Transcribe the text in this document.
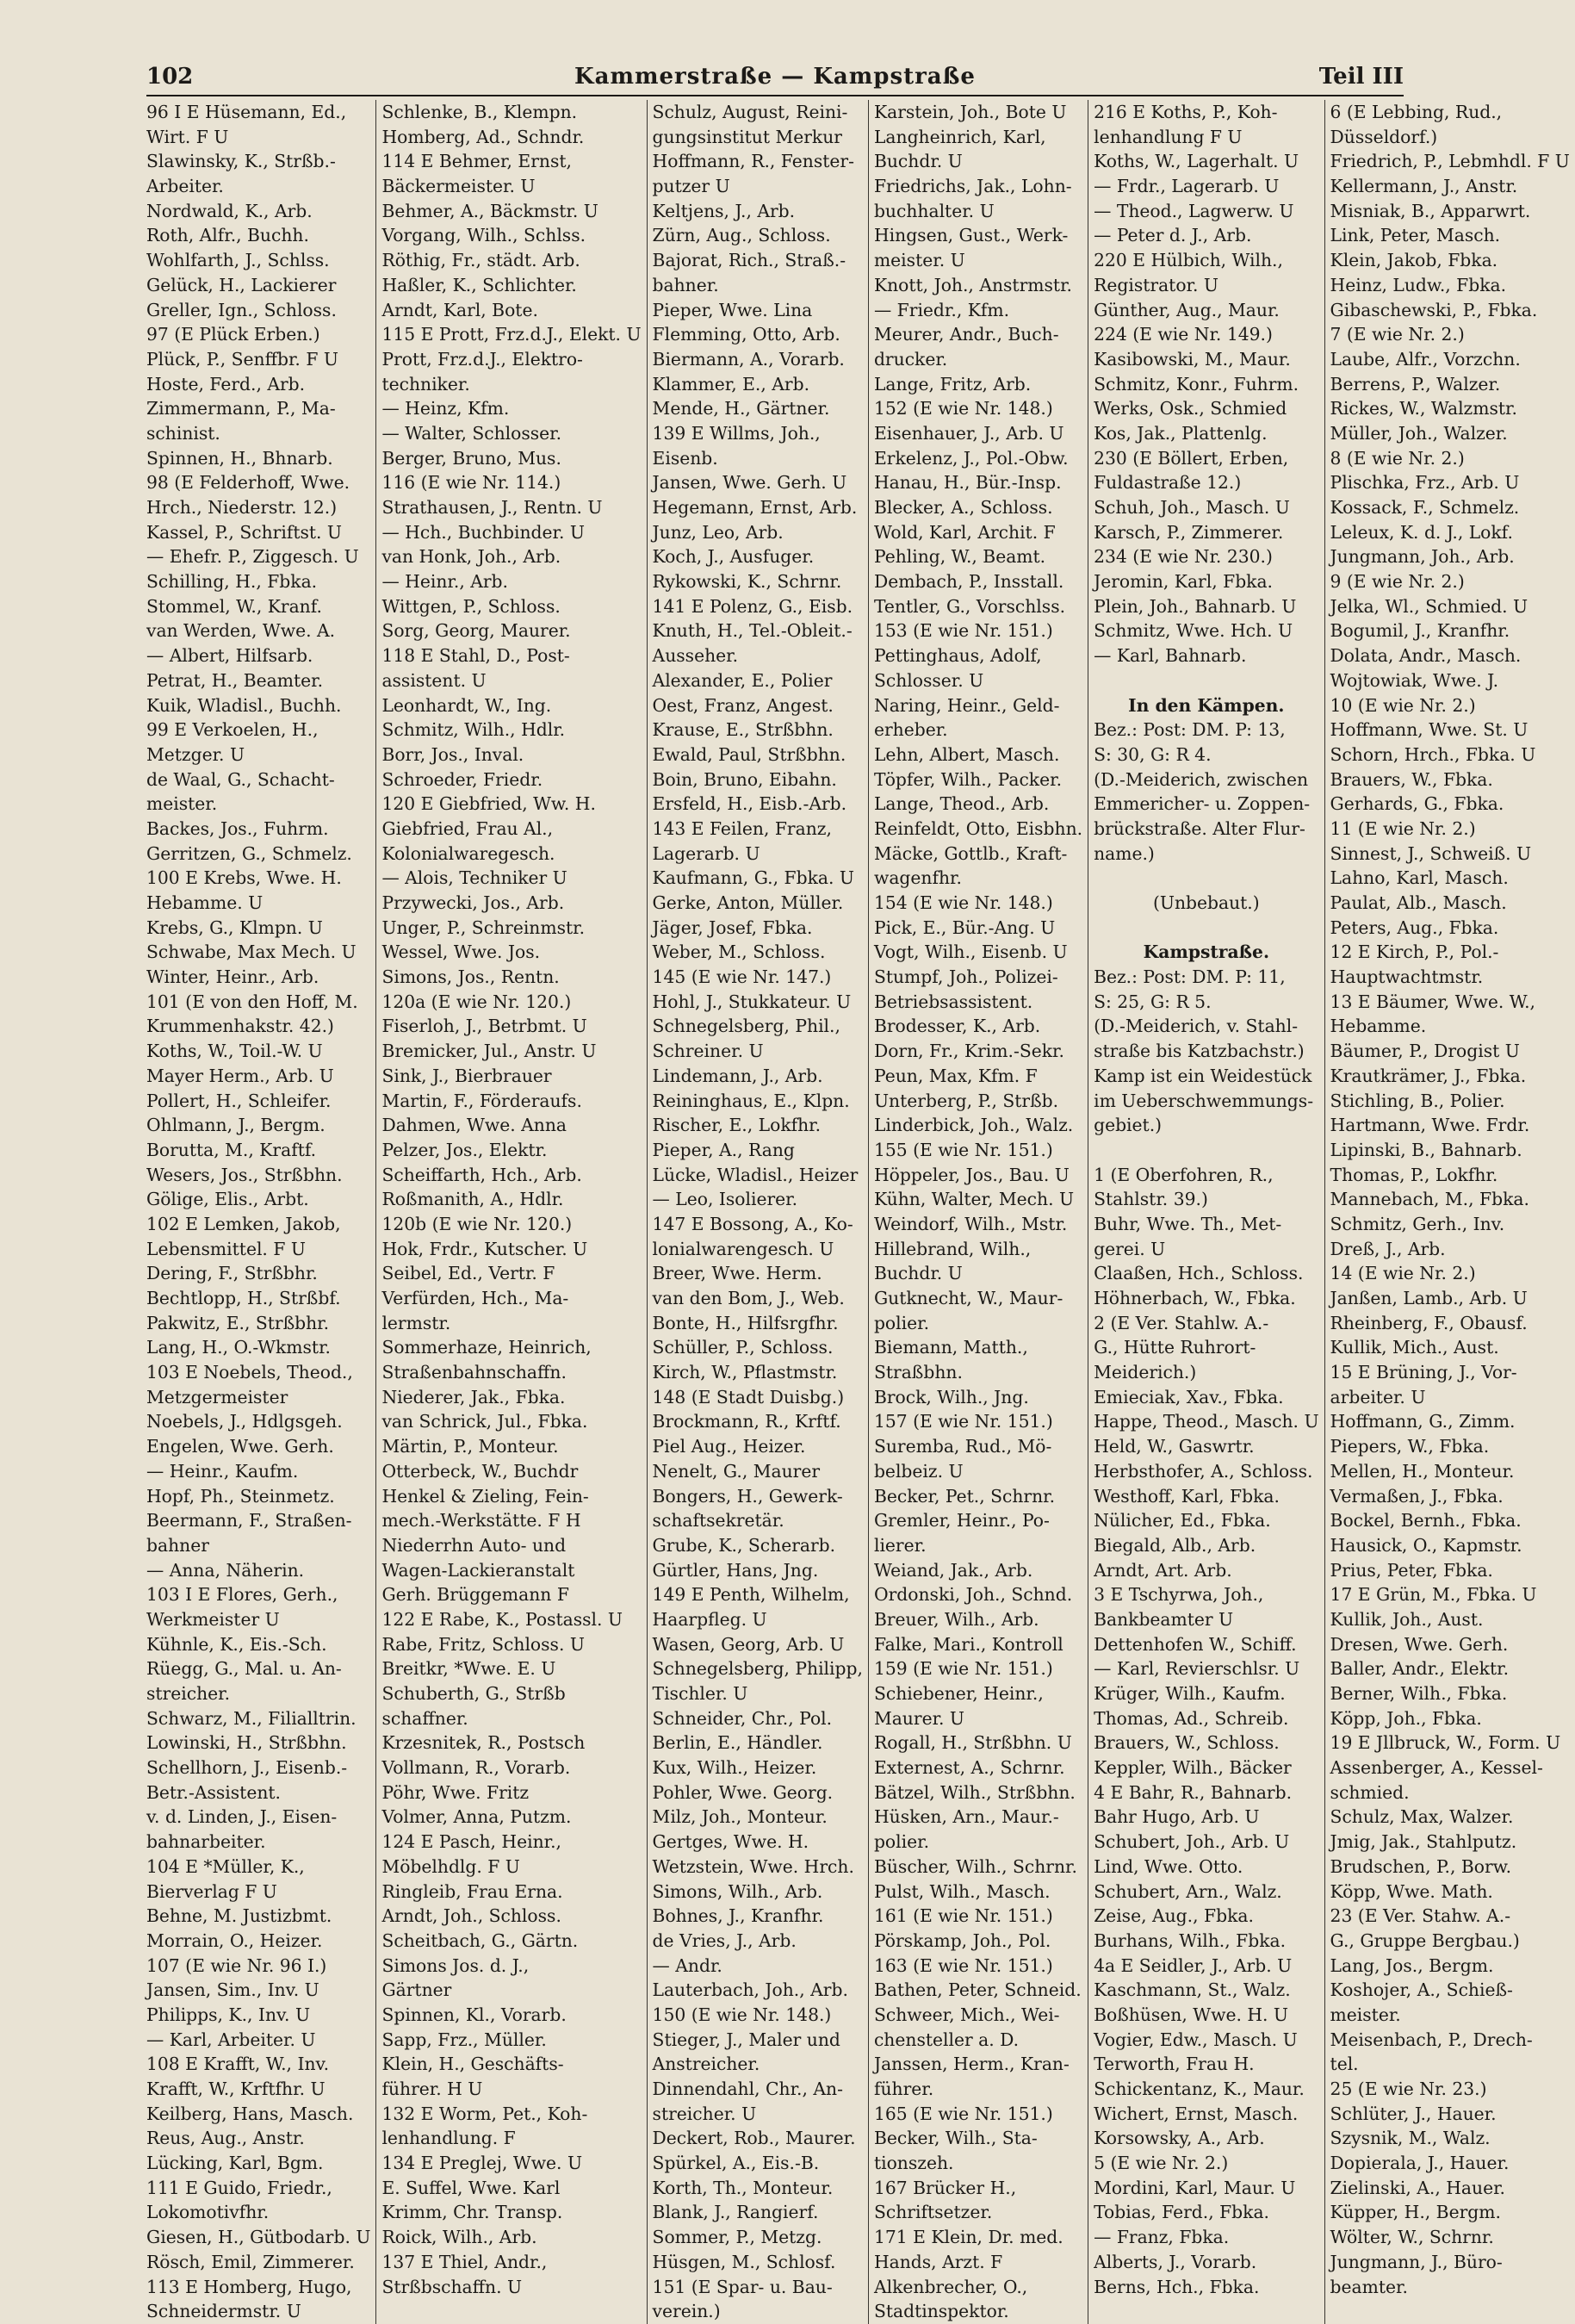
102	Kammerstraße — Kampstraße	Teil III
96 I E Hüsemann, Ed.,
Wirt. F U
Slawinsky, K., Strßb.-
Arbeiter.
Nordwald, K., Arb.
Roth, Alfr., Buchh.
Wohlfarth, J., Schlss.
Gelück, H., Lackierer
Greller, Ign., Schloss.
97 (E Plück Erben.)
Plück, P., Senffbr. F U
Hoste, Ferd., Arb.
Zimmermann, P., Ma-
schinist.
Spinnen, H., Bhnarb.
98 (E Felderhoff, Wwe.
Hrch., Niederstr. 12.)
Kassel, P., Schriftst. U
— Ehefr. P., Ziggesch. U
Schilling, H., Fbka.
Stommel, W., Kranf.
van Werden, Wwe. A.
— Albert, Hilfsarb.
Petrat, H., Beamter.
Kuik, Wladisl., Buchh.
99 E Verkoelen, H.,
Metzger. U
de Waal, G., Schacht-
meister.
Backes, Jos., Fuhrm.
Gerritzen, G., Schmelz.
100 E Krebs, Wwe. H.
Hebamme. U
Krebs, G., Klmpn. U
Schwabe, Max Mech. U
Winter, Heinr., Arb.
101 (E von den Hoff, M.
Krummenhakstr. 42.)
Koths, W., Toil.-W. U
Mayer Herm., Arb. U
Pollert, H., Schleifer.
Ohlmann, J., Bergm.
Borutta, M., Kraftf.
Wesers, Jos., Strßbhn.
Gölige, Elis., Arbt.
102 E Lemken, Jakob,
Lebensmittel. F U
Dering, F., Strßbhr.
Bechtlopp, H., Strßbf.
Pakwitz, E., Strßbhr.
Lang, H., O.-Wkmstr.
103 E Noebels, Theod.,
Metzgermeister
Noebels, J., Hdlgsgeh.
Engelen, Wwe. Gerh.
— Heinr., Kaufm.
Hopf, Ph., Steinmetz.
Beermann, F., Straßen-
bahner
— Anna, Näherin.
103 I E Flores, Gerh.,
Werkmeister U
Kühnle, K., Eis.-Sch.
Rüegg, G., Mal. u. An-
streicher.
Schwarz, M., Filialltrin.
Lowinski, H., Strßbhn.
Schellhorn, J., Eisenb.-
Betr.-Assistent.
v. d. Linden, J., Eisen-
bahnarbeiter.
104 E *Müller, K.,
Bierverlag F U
Behne, M. Justizbmt.
Morrain, O., Heizer.
107 (E wie Nr. 96 I.)
Jansen, Sim., Inv. U
Philipps, K., Inv. U
— Karl, Arbeiter. U
108 E Krafft, W., Inv.
Krafft, W., Krftfhr. U
Keilberg, Hans, Masch.
Reus, Aug., Anstr.
Lücking, Karl, Bgm.
111 E Guido, Friedr.,
Lokomotivfhr.
Giesen, H., Gütbodarb. U
Rösch, Emil, Zimmerer.
113 E Homberg, Hugo,
Schneidermstr. U
Schlenke, B., Klempn.
Homberg, Ad., Schndr.
114 E Behmer, Ernst,
Bäckermeister. U
Behmer, A., Bäckmstr. U
Vorgang, Wilh., Schlss.
Röthig, Fr., städt. Arb.
Haßler, K., Schlichter.
Arndt, Karl, Bote.
115 E Prott, Frz.d.J., Elekt. U
Prott, Frz.d.J., Elektro-
techniker.
— Heinz, Kfm.
— Walter, Schlosser.
Berger, Bruno, Mus.
116 (E wie Nr. 114.)
Strathausen, J., Rentn. U
— Hch., Buchbinder. U
van Honk, Joh., Arb.
— Heinr., Arb.
Wittgen, P., Schloss.
Sorg, Georg, Maurer.
118 E Stahl, D., Post-
assistent. U
Leonhardt, W., Ing.
Schmitz, Wilh., Hdlr.
Borr, Jos., Inval.
Schroeder, Friedr.
120 E Giebfried, Ww. H.
Giebfried, Frau Al.,
Kolonialwaregesch.
— Alois, Techniker U
Przywecki, Jos., Arb.
Unger, P., Schreinmstr.
Wessel, Wwe. Jos.
Simons, Jos., Rentn.
120a (E wie Nr. 120.)
Fiserloh, J., Betrbmt. U
Bremicker, Jul., Anstr. U
Sink, J., Bierbrauer
Martin, F., Förderaufs.
Dahmen, Wwe. Anna
Pelzer, Jos., Elektr.
Scheiffarth, Hch., Arb.
Roßmanith, A., Hdlr.
120b (E wie Nr. 120.)
Hok, Frdr., Kutscher. U
Seibel, Ed., Vertr. F
Verfürden, Hch., Ma-
lermstr.
Sommerhaze, Heinrich,
Straßenbahnschaffn.
Niederer, Jak., Fbka.
van Schrick, Jul., Fbka.
Märtin, P., Monteur.
Otterbeck, W., Buchdr
Henkel & Zieling, Fein-
mech.-Werkstätte. F H
Niederrhn Auto- und
Wagen-Lackieranstalt
Gerh. Brüggemann F
122 E Rabe, K., Postassl. U
Rabe, Fritz, Schloss. U
Breitkr, *Wwe. E. U
Schuberth, G., Strßb
schaffner.
Krzesnitek, R., Postsch
Vollmann, R., Vorarb.
Pöhr, Wwe. Fritz
Volmer, Anna, Putzm.
124 E Pasch, Heinr.,
Möbelhdlg. F U
Ringleib, Frau Erna.
Arndt, Joh., Schloss.
Scheitbach, G., Gärtn.
Simons Jos. d. J.,
Gärtner
Spinnen, Kl., Vorarb.
Sapp, Frz., Müller.
Klein, H., Geschäfts-
führer. H U
132 E Worm, Pet., Koh-
lenhandlung. F
134 E Preglej, Wwe. U
E. Suffel, Wwe. Karl
Krimm, Chr. Transp.
Roick, Wilh., Arb.
137 E Thiel, Andr.,
Strßbschaffn. U
Schulz, August, Reini-
gungsinstitut Merkur
Hoffmann, R., Fenster-
putzer U
Keltjens, J., Arb.
Zürn, Aug., Schloss.
Bajorat, Rich., Straß.-
bahner.
Pieper, Wwe. Lina
Flemming, Otto, Arb.
Biermann, A., Vorarb.
Klammer, E., Arb.
Mende, H., Gärtner.
139 E Willms, Joh.,
Eisenb.
Jansen, Wwe. Gerh. U
Hegemann, Ernst, Arb.
Junz, Leo, Arb.
Koch, J., Ausfuger.
Rykowski, K., Schrnr.
141 E Polenz, G., Eisb.
Knuth, H., Tel.-Obleit.-
Ausseher.
Alexander, E., Polier
Oest, Franz, Angest.
Krause, E., Strßbhn.
Ewald, Paul, Strßbhn.
Boin, Bruno, Eibahn.
Ersfeld, H., Eisb.-Arb.
143 E Feilen, Franz,
Lagerarb. U
Kaufmann, G., Fbka. U
Gerke, Anton, Müller.
Jäger, Josef, Fbka.
Weber, M., Schloss.
145 (E wie Nr. 147.)
Hohl, J., Stukkateur. U
Schnegelsberg, Phil.,
Schreiner. U
Lindemann, J., Arb.
Reininghaus, E., Klpn.
Rischer, E., Lokfhr.
Pieper, A., Rang
Lücke, Wladisl., Heizer
— Leo, Isolierer.
147 E Bossong, A., Ko-
lonialwarengesch. U
Breer, Wwe. Herm.
van den Bom, J., Web.
Bonte, H., Hilfsrgfhr.
Schüller, P., Schloss.
Kirch, W., Pflastmstr.
148 (E Stadt Duisbg.)
Brockmann, R., Krftf.
Piel Aug., Heizer.
Nenelt, G., Maurer
Bongers, H., Gewerk-
schaftsekretär.
Grube, K., Scherarb.
Gürtler, Hans, Jng.
149 E Penth, Wilhelm,
Haarpfleg. U
Wasen, Georg, Arb. U
Schnegelsberg, Philipp,
Tischler. U
Schneider, Chr., Pol.
Berlin, E., Händler.
Kux, Wilh., Heizer.
Pohler, Wwe. Georg.
Milz, Joh., Monteur.
Gertges, Wwe. H.
Wetzstein, Wwe. Hrch.
Simons, Wilh., Arb.
Bohnes, J., Kranfhr.
de Vries, J., Arb.
— Andr.
Lauterbach, Joh., Arb.
150 (E wie Nr. 148.)
Stieger, J., Maler und
Anstreicher.
Dinnendahl, Chr., An-
streicher. U
Deckert, Rob., Maurer.
Spürkel, A., Eis.-B.
Korth, Th., Monteur.
Blank, J., Rangierf.
Sommer, P., Metzg.
Hüsgen, M., Schlosf.
151 (E Spar- u. Bau-
verein.)
Karstein, Joh., Bote U
Langheinrich, Karl,
Buchdr. U
Friedrichs, Jak., Lohn-
buchhalter. U
Hingsen, Gust., Werk-
meister. U
Knott, Joh., Anstrmstr.
— Friedr., Kfm.
Meurer, Andr., Buch-
drucker.
Lange, Fritz, Arb.
152 (E wie Nr. 148.)
Eisenhauer, J., Arb. U
Erkelenz, J., Pol.-Obw.
Hanau, H., Bür.-Insp.
Blecker, A., Schloss.
Wold, Karl, Archit. F
Pehling, W., Beamt.
Dembach, P., Insstall.
Tentler, G., Vorschlss.
153 (E wie Nr. 151.)
Pettinghaus, Adolf,
Schlosser. U
Naring, Heinr., Geld-
erheber.
Lehn, Albert, Masch.
Töpfer, Wilh., Packer.
Lange, Theod., Arb.
Reinfeldt, Otto, Eisbhn.
Mäcke, Gottlb., Kraft-
wagenfhr.
154 (E wie Nr. 148.)
Pick, E., Bür.-Ang. U
Vogt, Wilh., Eisenb. U
Stumpf, Joh., Polizei-
Betriebsassistent.
Brodesser, K., Arb.
Dorn, Fr., Krim.-Sekr.
Peun, Max, Kfm. F
Unterberg, P., Strßb.
Linderbick, Joh., Walz.
155 (E wie Nr. 151.)
Höppeler, Jos., Bau. U
Kühn, Walter, Mech. U
Weindorf, Wilh., Mstr.
Hillebrand, Wilh.,
Buchdr. U
Gutknecht, W., Maur-
polier.
Biemann, Matth.,
Straßbhn.
Brock, Wilh., Jng.
157 (E wie Nr. 151.)
Suremba, Rud., Mö-
belbeiz. U
Becker, Pet., Schrnr.
Gremler, Heinr., Po-
lierer.
Weiand, Jak., Arb.
Ordonski, Joh., Schnd.
Breuer, Wilh., Arb.
Falke, Mari., Kontroll
159 (E wie Nr. 151.)
Schiebener, Heinr.,
Maurer. U
Rogall, H., Strßbhn. U
Externest, A., Schrnr.
Bätzel, Wilh., Strßbhn.
Hüsken, Arn., Maur.-
polier.
Büscher, Wilh., Schrnr.
Pulst, Wilh., Masch.
161 (E wie Nr. 151.)
Pörskamp, Joh., Pol.
163 (E wie Nr. 151.)
Bathen, Peter, Schneid.
Schweer, Mich., Wei-
chensteller a. D.
Janssen, Herm., Kran-
führer.
165 (E wie Nr. 151.)
Becker, Wilh., Sta-
tionszeh.
167 Brücker H.,
Schriftsetzer.
171 E Klein, Dr. med.
Hands, Arzt. F
Alkenbrecher, O.,
Stadtinspektor.
216 E Koths, P., Koh-
lenhandlung F U
Koths, W., Lagerhalt. U
— Frdr., Lagerarb. U
— Theod., Lagwerw. U
— Peter d. J., Arb.
220 E Hülbich, Wilh.,
Registrator. U
Günther, Aug., Maur.
224 (E wie Nr. 149.)
Kasibowski, M., Maur.
Schmitz, Konr., Fuhrm.
Werks, Osk., Schmied
Kos, Jak., Plattenlg.
230 (E Böllert, Erben,
Fuldastraße 12.)
Schuh, Joh., Masch. U
Karsch, P., Zimmerer.
234 (E wie Nr. 230.)
Jeromin, Karl, Fbka.
Plein, Joh., Bahnarb. U
Schmitz, Wwe. Hch. U
— Karl, Bahnarb.

In den Kämpen.
Bez.: Post: DM. P: 13,
S: 30, G: R 4.
(D.-Meiderich, zwischen
Emmericher- u. Zoppen-
brückstraße. Alter Flur-
name.)

(Unbebaut.)

Kampstraße.
Bez.: Post: DM. P: 11,
S: 25, G: R 5.
(D.-Meiderich, v. Stahl-
straße bis Katzbachstr.)
Kamp ist ein Weidestück
im Ueberschwemmungs-
gebiet.)

1 (E Oberfohren, R.,
Stahlstr. 39.)
Buhr, Wwe. Th., Met-
gerei. U
Claaßen, Hch., Schloss.
Höhnerbach, W., Fbka.
2 (E Ver. Stahlw. A.-
G., Hütte Ruhrort-
Meiderich.)
Emieciak, Xav., Fbka.
Happe, Theod., Masch. U
Held, W., Gaswrtr.
Herbsthofer, A., Schloss.
Westhoff, Karl, Fbka.
Nülicher, Ed., Fbka.
Biegald, Alb., Arb.
Arndt, Art. Arb.
3 E Tschyrwa, Joh.,
Bankbeamter U
Dettenhofen W., Schiff.
— Karl, Revierschlsr. U
Krüger, Wilh., Kaufm.
Thomas, Ad., Schreib.
Brauers, W., Schloss.
Keppler, Wilh., Bäcker
4 E Bahr, R., Bahnarb.
Bahr Hugo, Arb. U
Schubert, Joh., Arb. U
Lind, Wwe. Otto.
Schubert, Arn., Walz.
Zeise, Aug., Fbka.
Burhans, Wilh., Fbka.
4a E Seidler, J., Arb. U
Kaschmann, St., Walz.
Boßhüsen, Wwe. H. U
Vogier, Edw., Masch. U
Terworth, Frau H.
Schickentanz, K., Maur.
Wichert, Ernst, Masch.
Korsowsky, A., Arb.
5 (E wie Nr. 2.)
Mordini, Karl, Maur. U
Tobias, Ferd., Fbka.
— Franz, Fbka.
Alberts, J., Vorarb.
Berns, Hch., Fbka.
6 (E Lebbing, Rud.,
Düsseldorf.)
Friedrich, P., Lebmhdl. F U
Kellermann, J., Anstr.
Misniak, B., Apparwrt.
Link, Peter, Masch.
Klein, Jakob, Fbka.
Heinz, Ludw., Fbka.
Gibaschewski, P., Fbka.
7 (E wie Nr. 2.)
Laube, Alfr., Vorzchn.
Berrens, P., Walzer.
Rickes, W., Walzmstr.
Müller, Joh., Walzer.
8 (E wie Nr. 2.)
Plischka, Frz., Arb. U
Kossack, F., Schmelz.
Leleux, K. d. J., Lokf.
Jungmann, Joh., Arb.
9 (E wie Nr. 2.)
Jelka, Wl., Schmied. U
Bogumil, J., Kranfhr.
Dolata, Andr., Masch.
Wojtowiak, Wwe. J.
10 (E wie Nr. 2.)
Hoffmann, Wwe. St. U
Schorn, Hrch., Fbka. U
Brauers, W., Fbka.
Gerhards, G., Fbka.
11 (E wie Nr. 2.)
Sinnest, J., Schweiß. U
Lahno, Karl, Masch.
Paulat, Alb., Masch.
Peters, Aug., Fbka.
12 E Kirch, P., Pol.-
Hauptwachtmstr.
13 E Bäumer, Wwe. W.,
Hebamme.
Bäumer, P., Drogist U
Krautkrämer, J., Fbka.
Stichling, B., Polier.
Hartmann, Wwe. Frdr.
Lipinski, B., Bahnarb.
Thomas, P., Lokfhr.
Mannebach, M., Fbka.
Schmitz, Gerh., Inv.
Dreß, J., Arb.
14 (E wie Nr. 2.)
Janßen, Lamb., Arb. U
Rheinberg, F., Obausf.
Kullik, Mich., Aust.
15 E Brüning, J., Vor-
arbeiter. U
Hoffmann, G., Zimm.
Piepers, W., Fbka.
Mellen, H., Monteur.
Vermaßen, J., Fbka.
Bockel, Bernh., Fbka.
Hausick, O., Kapmstr.
Prius, Peter, Fbka.
17 E Grün, M., Fbka. U
Kullik, Joh., Aust.
Dresen, Wwe. Gerh.
Baller, Andr., Elektr.
Berner, Wilh., Fbka.
Köpp, Joh., Fbka.
19 E Jllbruck, W., Form. U
Assenberger, A., Kessel-
schmied.
Schulz, Max, Walzer.
Jmig, Jak., Stahlputz.
Brudschen, P., Borw.
Köpp, Wwe. Math.
23 (E Ver. Stahw. A.-
G., Gruppe Bergbau.)
Lang, Jos., Bergm.
Koshojer, A., Schieß-
meister.
Meisenbach, P., Drech-
tel.
25 (E wie Nr. 23.)
Schlüter, J., Hauer.
Szysnik, M., Walz.
Dopierala, J., Hauer.
Zielinski, A., Hauer.
Küpper, H., Bergm.
Wölter, W., Schrnr.
Jungmann, J., Büro-
beamter.
